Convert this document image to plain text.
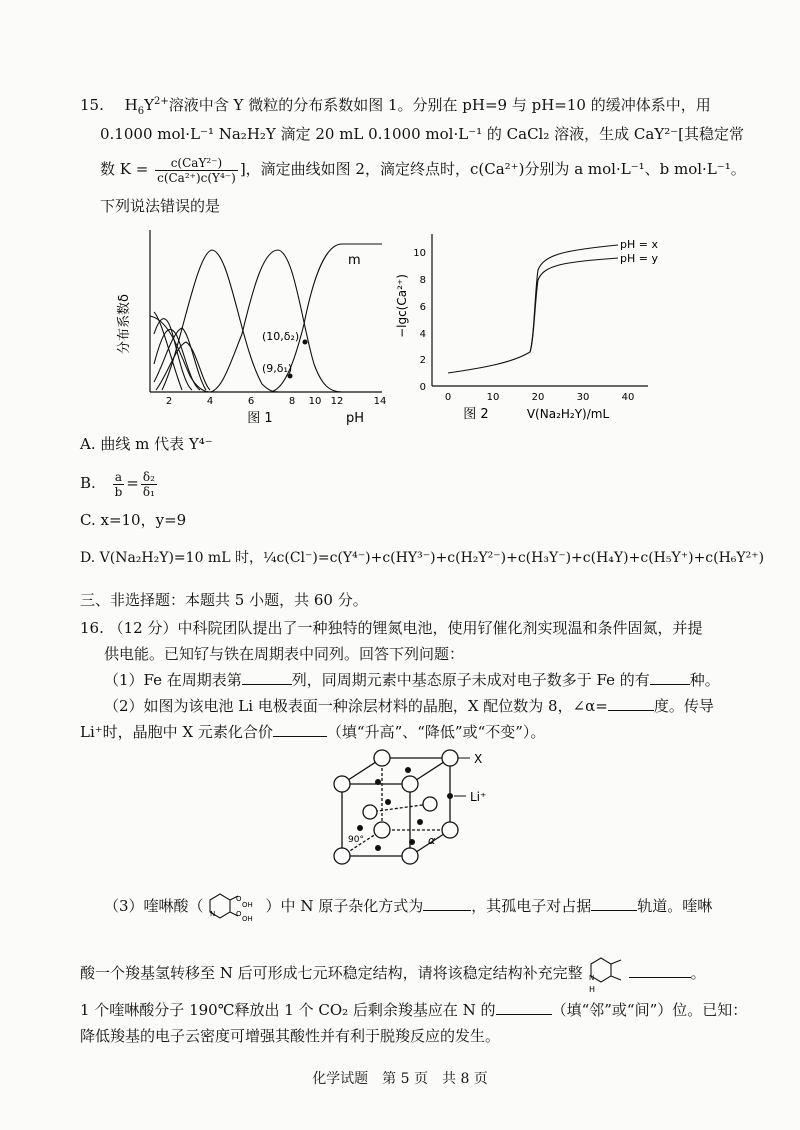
15. $H_6Y^{2+}$溶液中含 Y 微粒的分布系数如图 1。分别在 pH=9 与 pH=10 的缓冲体系中，用
0.1000 mol·L⁻¹ Na₂H₂Y 滴定 20 mL 0.1000 mol·L⁻¹ 的 CaCl₂ 溶液，生成 CaY²⁻[其稳定常
数 $K = \frac{\text{c(CaY²⁻)}}{\text{c(Ca²⁺)c(Y⁴⁻)}}$ ]，滴定曲线如图 2，滴定终点时，c(Ca²⁺)分别为 a mol·L⁻¹、b mol·L⁻¹。
下列说法错误的是
分布系数δ	(10,δ₂)
(9,δ₁)
m
2	4	6	8 10 12	14
图 1	pH
−lgc(Ca²⁺)
0
2
4
6
8
10
0	10	20	30	40
pH = x
pH = y
图 2	V(Na₂H₂Y)/mL
A. 曲线 m 代表 Y⁴⁻
B. $\frac{a}{b} = \frac{\text{δ₂}}{\text{δ₁}}$
C. x=10，y=9
D. V(Na₂H₂Y)=10 mL 时，¼c(Cl⁻)=c(Y⁴⁻)+c(HY³⁻)+c(H₂Y²⁻)+c(H₃Y⁻)+c(H₄Y)+c(H₅Y⁺)+c(H₆Y²⁺)
三、非选择题：本题共 5 小题，共 60 分。
16. （12 分）中科院团队提出了一种独特的锂氮电池，使用钌催化剂实现温和条件固氮，并提
供电能。已知钌与铁在周期表中同列。回答下列问题：
（1）Fe 在周期表第	列，同周期元素中基态原子未成对电子数多于 Fe 的有	种。
（2）如图为该电池 Li 电极表面一种涂层材料的晶胞，X 配位数为 8，∠α=	度。传导
Li⁺时，晶胞中 X 元素化合价	（填“升高”、“降低”或“不变”）。
X
Li⁺
90°	α
（3）喹啉酸（ N
O
OH
O
OH
）中 N 原子杂化方式为	，其孤电子对占据	轨道。喹啉
酸一个羧基氢转移至 N 后可形成七元环稳定结构，请将该稳定结构补充完整 N
H
。
1 个喹啉酸分子 190℃释放出 1 个 CO₂ 后剩余羧基应在 N 的	（填“邻”或“间”）位。已知：
降低羧基的电子云密度可增强其酸性并有利于脱羧反应的发生。
化学试题　第 5 页　共 8 页
